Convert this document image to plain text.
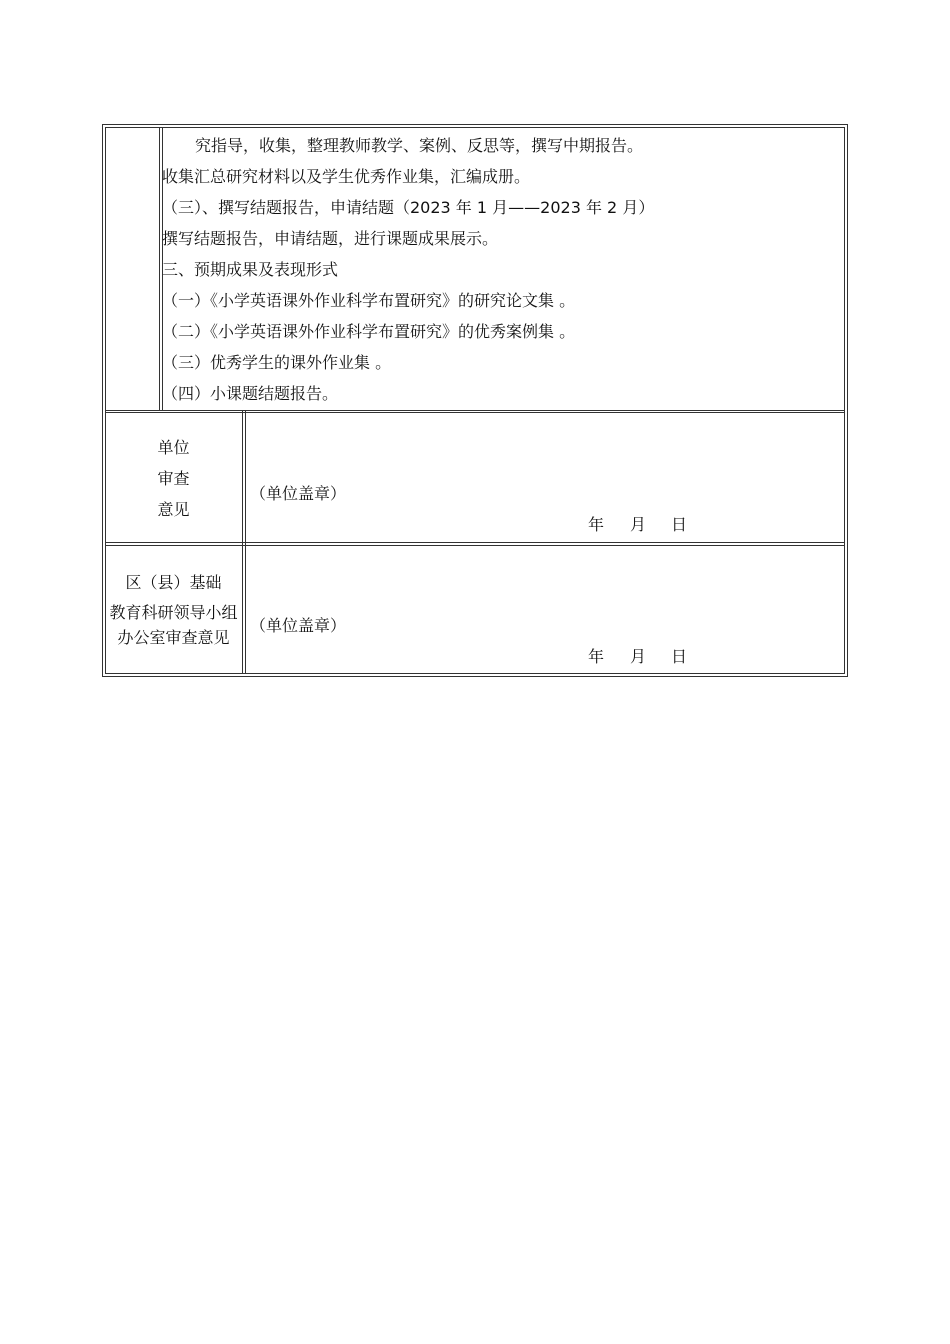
究指导，收集，整理教师教学、案例、反思等，撰写中期报告。
收集汇总研究材料以及学生优秀作业集，汇编成册。
（三）、撰写结题报告，申请结题（2023 年 1 月——2023 年 2 月）
撰写结题报告，申请结题，进行课题成果展示。
三、预期成果及表现形式
（一）《小学英语课外作业科学布置研究》的研究论文集 。
（二）《小学英语课外作业科学布置研究》的优秀案例集 。
（三）优秀学生的课外作业集 。
（四）小课题结题报告。
单位
审查
意见
（单位盖章）
年 月 日
区（县）基础
教育科研领导小组
办公室审查意见
（单位盖章）
年 月 日
